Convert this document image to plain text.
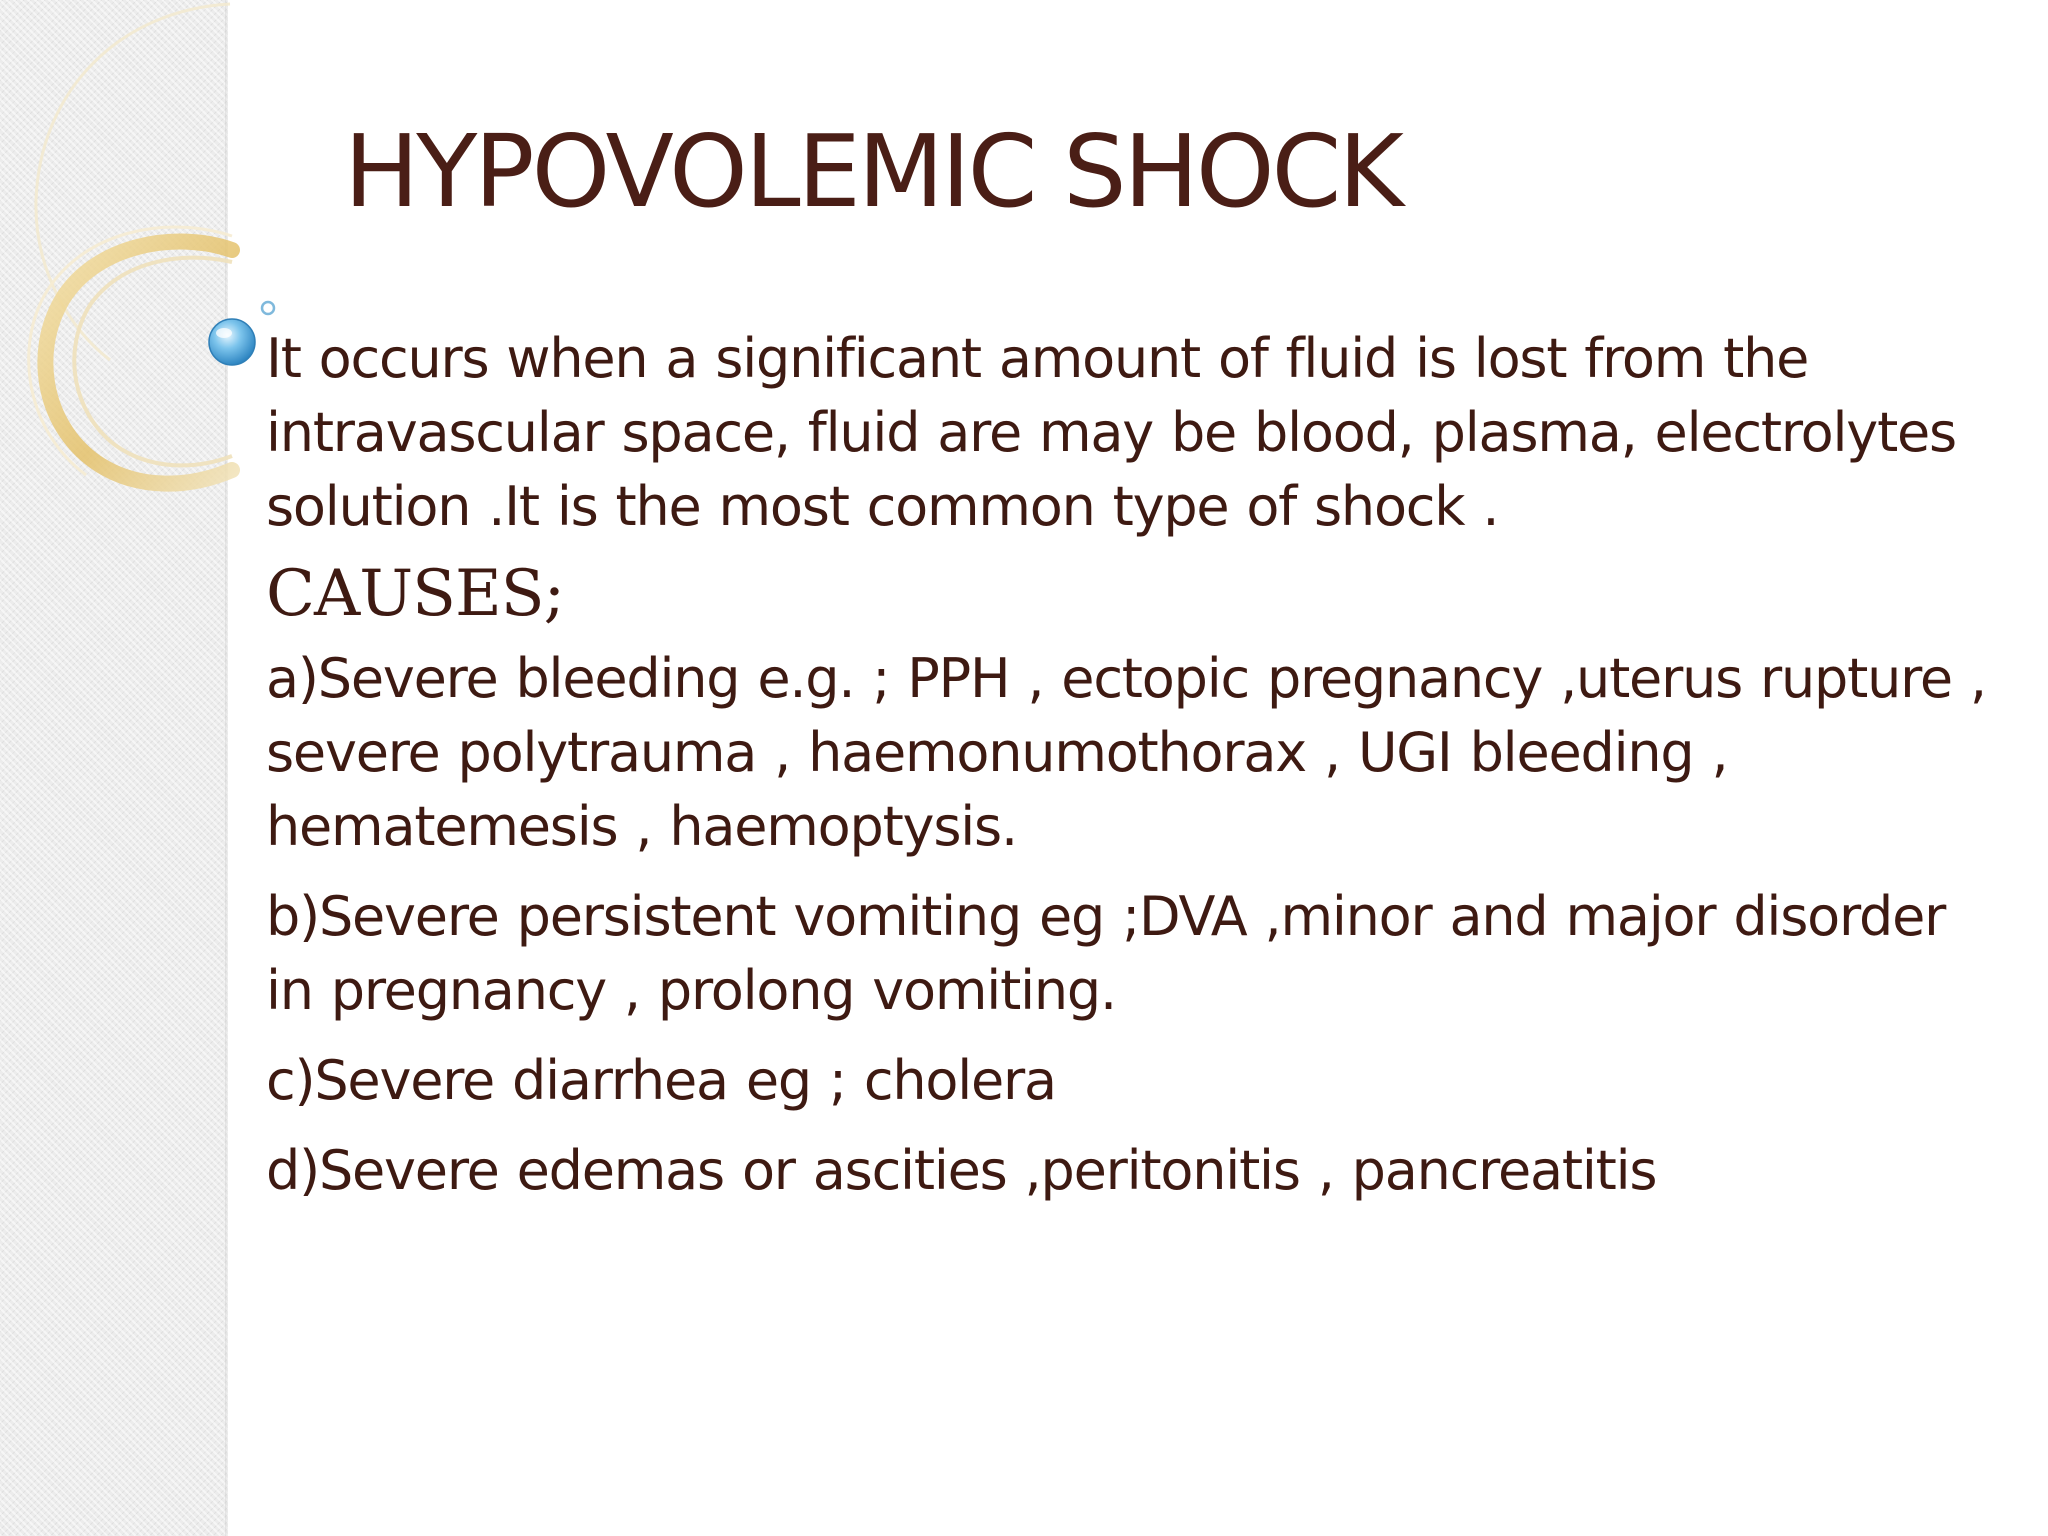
HYPOVOLEMIC SHOCK

It occurs when a significant amount of fluid is lost from the intravascular space, fluid are may be blood, plasma, electrolytes solution .It is the most common type of shock .

CAUSES;
a)Severe bleeding e.g. ; PPH , ectopic pregnancy ,uterus rupture , severe polytrauma , haemonumothorax , UGI bleeding , hematemesis , haemoptysis.
b)Severe persistent vomiting eg ;DVA ,minor and major disorder in pregnancy , prolong vomiting.
c)Severe diarrhea eg ; cholera
d)Severe edemas or ascities ,peritonitis , pancreatitis
